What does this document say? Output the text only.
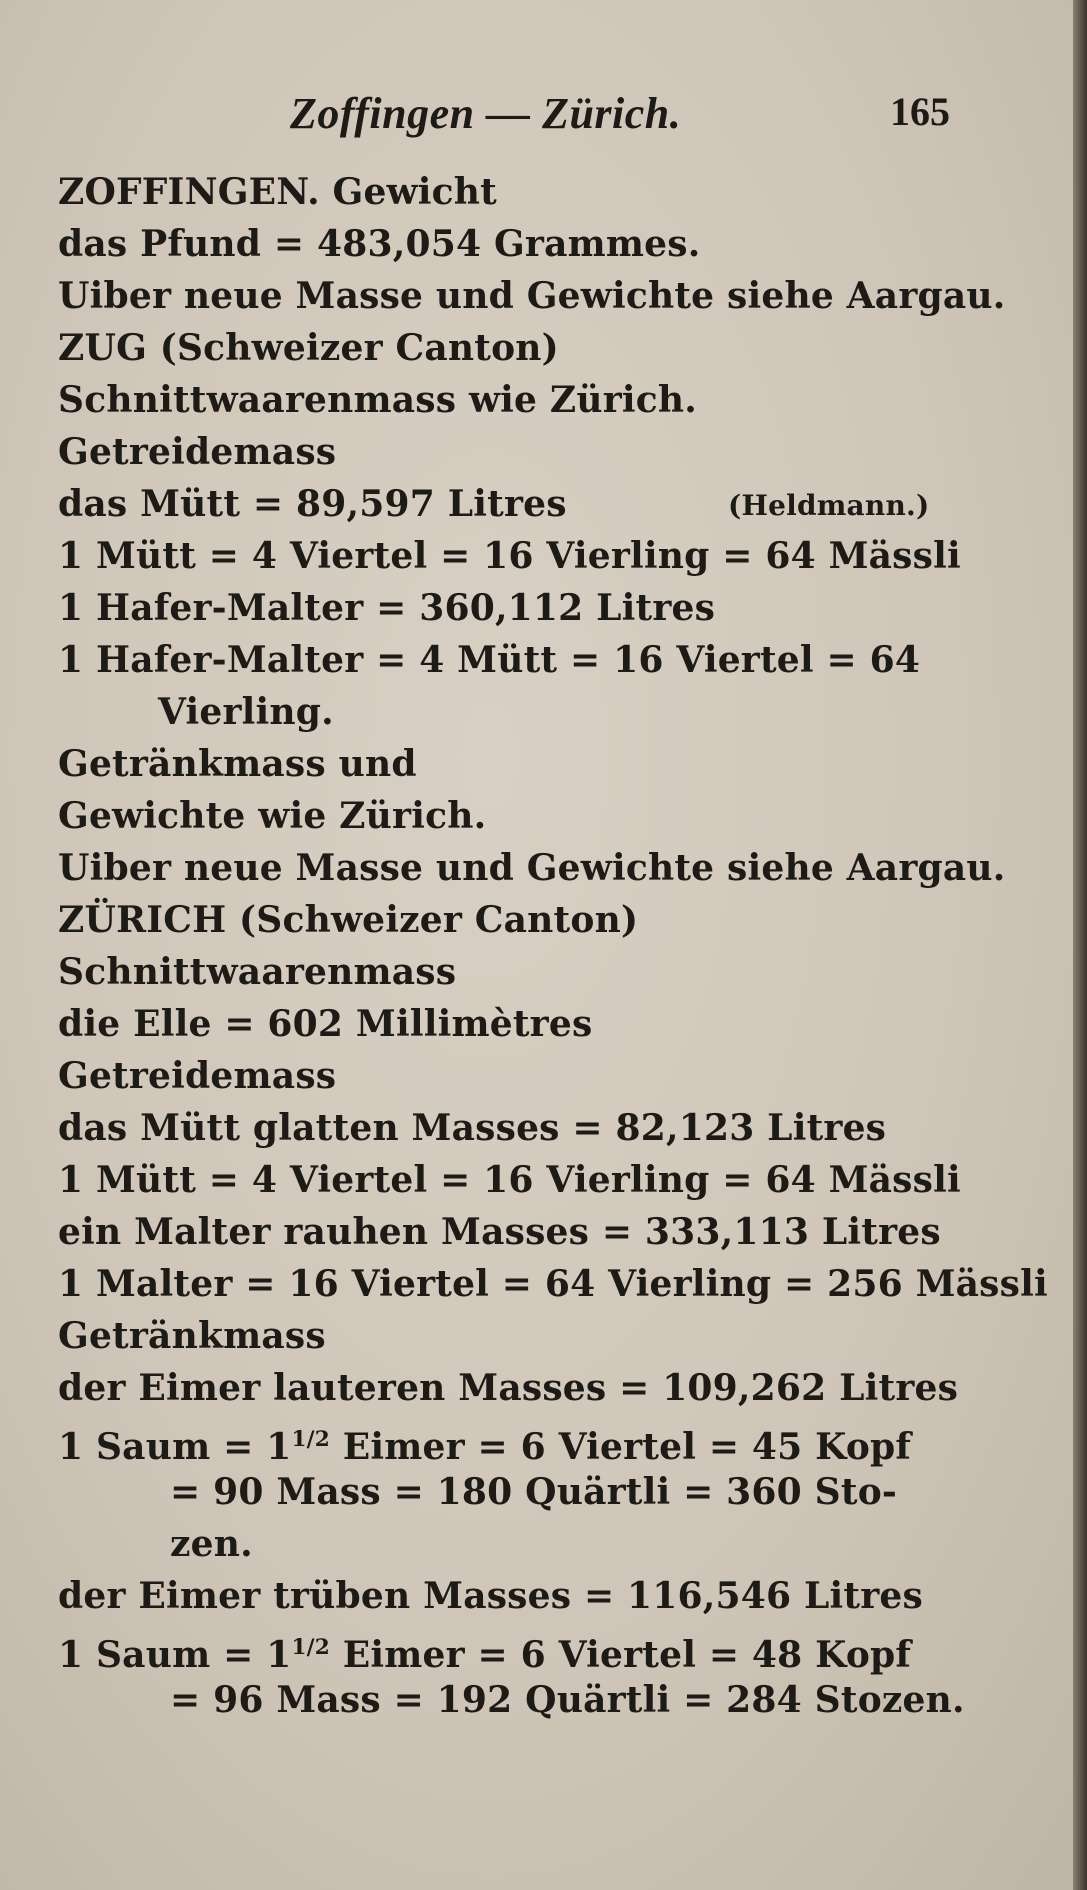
Zoffingen — Zürich.	165
ZOFFINGEN. Gewicht
das Pfund = 483,054 Grammes.
Uiber neue Masse und Gewichte siehe Aargau.
ZUG (Schweizer Canton)
Schnittwaarenmass wie Zürich.
Getreidemass
das Mütt = 89,597 Litres	(Heldmann.)
1 Mütt = 4 Viertel = 16 Vierling = 64 Mässli
1 Hafer-Malter = 360,112 Litres
1 Hafer-Malter = 4 Mütt = 16 Viertel = 64
Vierling.
Getränkmass und
Gewichte wie Zürich.
Uiber neue Masse und Gewichte siehe Aargau.
ZÜRICH (Schweizer Canton)
Schnittwaarenmass
die Elle = 602 Millimètres
Getreidemass
das Mütt glatten Masses = 82,123 Litres
1 Mütt = 4 Viertel = 16 Vierling = 64 Mässli
ein Malter rauhen Masses = 333,113 Litres
1 Malter = 16 Viertel = 64 Vierling = 256 Mässli
Getränkmass
der Eimer lauteren Masses = 109,262 Litres
1 Saum = $1^{1/2}$ Eimer = 6 Viertel = 45 Kopf
= 90 Mass = 180 Quärtli = 360 Sto-
zen.
der Eimer trüben Masses = 116,546 Litres
1 Saum = $1^{1/2}$ Eimer = 6 Viertel = 48 Kopf
= 96 Mass = 192 Quärtli = 284 Stozen.
